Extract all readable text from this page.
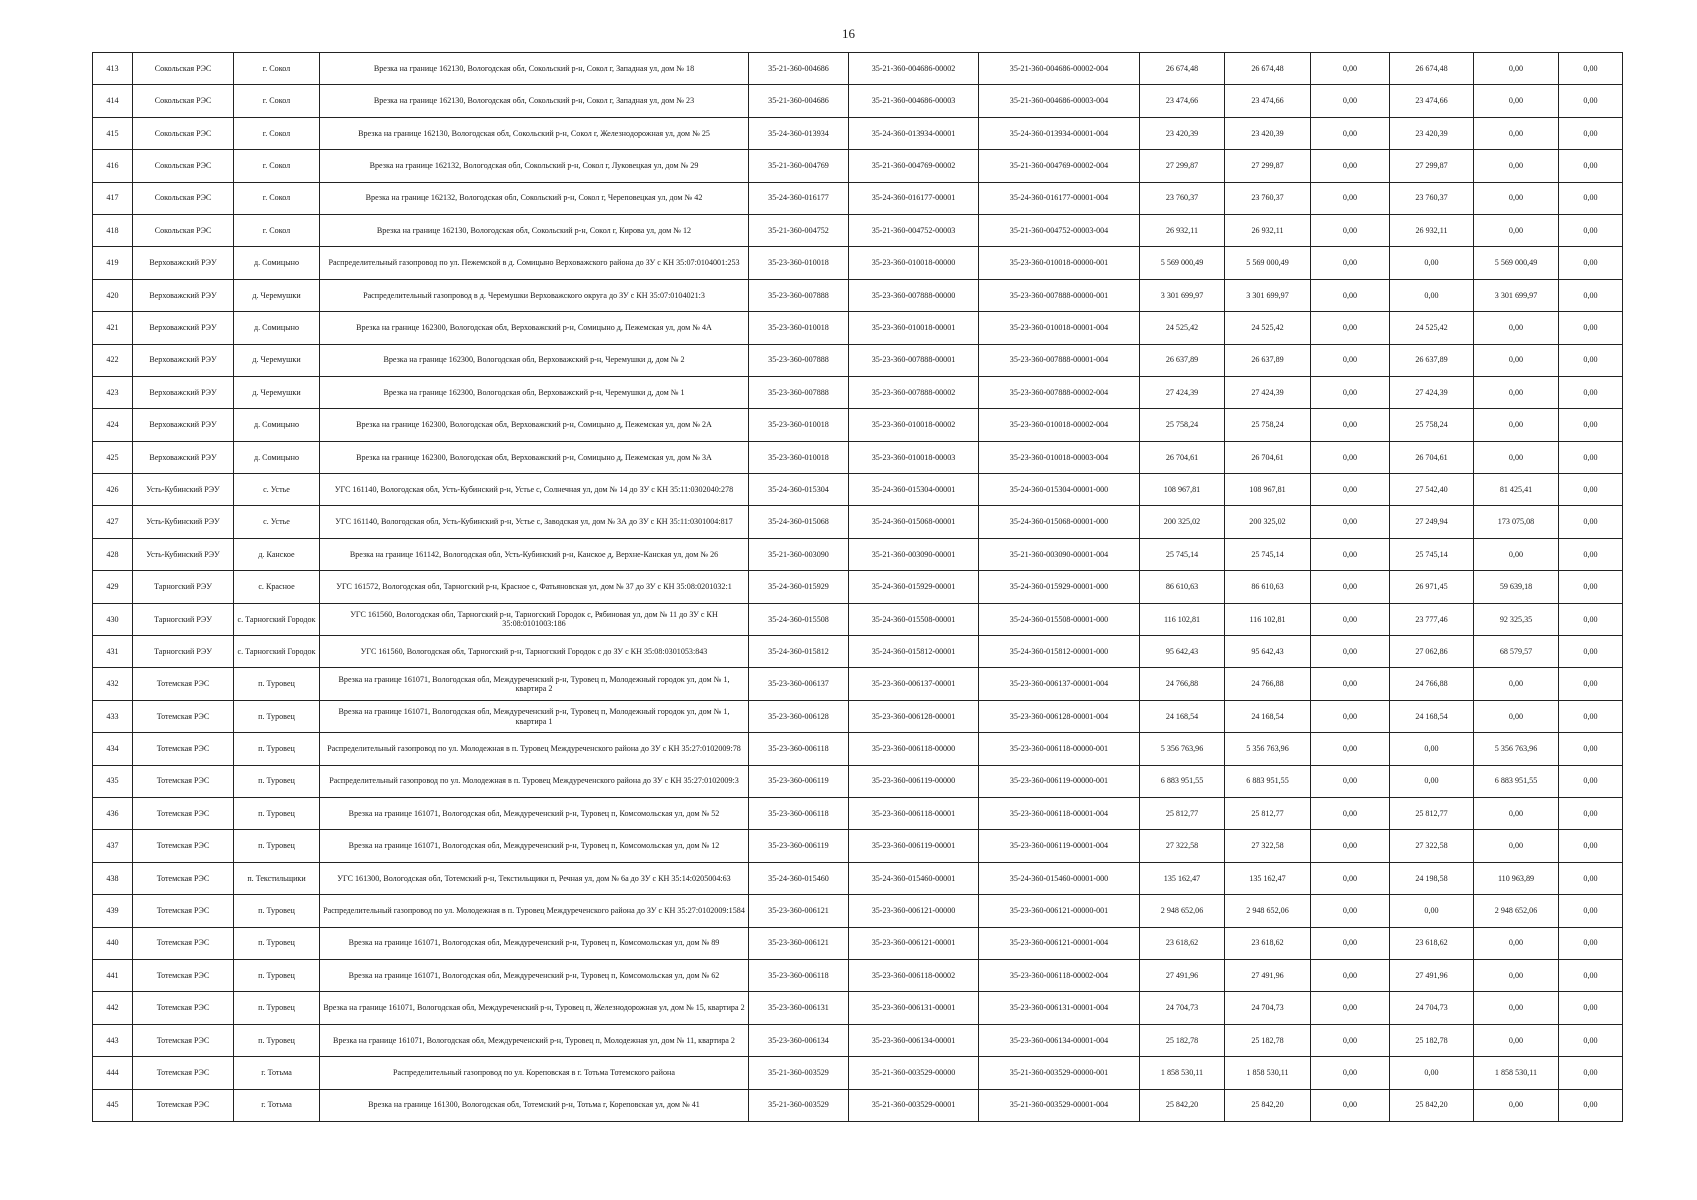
16
413	Сокольская РЭС	г. Сокол	Врезка на границе 162130, Вологодская обл, Сокольский р-н, Сокол г, Западная ул, дом № 18	35-21-360-004686	35-21-360-004686-00002	35-21-360-004686-00002-004	26 674,48	26 674,48	0,00	26 674,48	0,00	0,00
414	Сокольская РЭС	г. Сокол	Врезка на границе 162130, Вологодская обл, Сокольский р-н, Сокол г, Западная ул, дом № 23	35-21-360-004686	35-21-360-004686-00003	35-21-360-004686-00003-004	23 474,66	23 474,66	0,00	23 474,66	0,00	0,00
415	Сокольская РЭС	г. Сокол	Врезка на границе 162130, Вологодская обл, Сокольский р-н, Сокол г, Железнодорожная ул, дом № 25	35-24-360-013934	35-24-360-013934-00001	35-24-360-013934-00001-004	23 420,39	23 420,39	0,00	23 420,39	0,00	0,00
416	Сокольская РЭС	г. Сокол	Врезка на границе 162132, Вологодская обл, Сокольский р-н, Сокол г, Луковецкая ул, дом № 29	35-21-360-004769	35-21-360-004769-00002	35-21-360-004769-00002-004	27 299,87	27 299,87	0,00	27 299,87	0,00	0,00
417	Сокольская РЭС	г. Сокол	Врезка на границе 162132, Вологодская обл, Сокольский р-н, Сокол г, Череповецкая ул, дом № 42	35-24-360-016177	35-24-360-016177-00001	35-24-360-016177-00001-004	23 760,37	23 760,37	0,00	23 760,37	0,00	0,00
418	Сокольская РЭС	г. Сокол	Врезка на границе 162130, Вологодская обл, Сокольский р-н, Сокол г, Кирова ул, дом № 12	35-21-360-004752	35-21-360-004752-00003	35-21-360-004752-00003-004	26 932,11	26 932,11	0,00	26 932,11	0,00	0,00
419	Верховажский РЭУ	д. Сомицыно	Распределительный газопровод по ул. Пежемской в д. Сомицыно Верховажского района до ЗУ с КН 35:07:0104001:253	35-23-360-010018	35-23-360-010018-00000	35-23-360-010018-00000-001	5 569 000,49	5 569 000,49	0,00	0,00	5 569 000,49	0,00
420	Верховажский РЭУ	д. Черемушки	Распределительный газопровод в д. Черемушки Верховажского округа до ЗУ с КН 35:07:0104021:3	35-23-360-007888	35-23-360-007888-00000	35-23-360-007888-00000-001	3 301 699,97	3 301 699,97	0,00	0,00	3 301 699,97	0,00
421	Верховажский РЭУ	д. Сомицыно	Врезка на границе 162300, Вологодская обл, Верховажский р-н, Сомицыно д, Пежемская ул, дом № 4А	35-23-360-010018	35-23-360-010018-00001	35-23-360-010018-00001-004	24 525,42	24 525,42	0,00	24 525,42	0,00	0,00
422	Верховажский РЭУ	д. Черемушки	Врезка на границе 162300, Вологодская обл, Верховажский р-н, Черемушки д, дом № 2	35-23-360-007888	35-23-360-007888-00001	35-23-360-007888-00001-004	26 637,89	26 637,89	0,00	26 637,89	0,00	0,00
423	Верховажский РЭУ	д. Черемушки	Врезка на границе 162300, Вологодская обл, Верховажский р-н, Черемушки д, дом № 1	35-23-360-007888	35-23-360-007888-00002	35-23-360-007888-00002-004	27 424,39	27 424,39	0,00	27 424,39	0,00	0,00
424	Верховажский РЭУ	д. Сомицыно	Врезка на границе 162300, Вологодская обл, Верховажский р-н, Сомицыно д, Пежемская ул, дом № 2А	35-23-360-010018	35-23-360-010018-00002	35-23-360-010018-00002-004	25 758,24	25 758,24	0,00	25 758,24	0,00	0,00
425	Верховажский РЭУ	д. Сомицыно	Врезка на границе 162300, Вологодская обл, Верховажский р-н, Сомицыно д, Пежемская ул, дом № 3А	35-23-360-010018	35-23-360-010018-00003	35-23-360-010018-00003-004	26 704,61	26 704,61	0,00	26 704,61	0,00	0,00
426	Усть-Кубинский РЭУ	с. Устье	УГС 161140, Вологодская обл, Усть-Кубинский р-н, Устье с, Солнечная ул, дом № 14 до ЗУ с КН 35:11:0302040:278	35-24-360-015304	35-24-360-015304-00001	35-24-360-015304-00001-000	108 967,81	108 967,81	0,00	27 542,40	81 425,41	0,00
427	Усть-Кубинский РЭУ	с. Устье	УГС 161140, Вологодская обл, Усть-Кубинский р-н, Устье с, Заводская ул, дом № 3А до ЗУ с КН 35:11:0301004:817	35-24-360-015068	35-24-360-015068-00001	35-24-360-015068-00001-000	200 325,02	200 325,02	0,00	27 249,94	173 075,08	0,00
428	Усть-Кубинский РЭУ	д. Канское	Врезка на границе 161142, Вологодская обл, Усть-Кубинский р-н, Канское д, Верхне-Канская ул, дом № 26	35-21-360-003090	35-21-360-003090-00001	35-21-360-003090-00001-004	25 745,14	25 745,14	0,00	25 745,14	0,00	0,00
429	Тарногский РЭУ	с. Красное	УГС 161572, Вологодская обл, Тарногский р-н, Красное с, Фатьяновская ул, дом № 37 до ЗУ с КН 35:08:0201032:1	35-24-360-015929	35-24-360-015929-00001	35-24-360-015929-00001-000	86 610,63	86 610,63	0,00	26 971,45	59 639,18	0,00
430	Тарногский РЭУ	с. Тарногский Городок	УГС 161560, Вологодская обл, Тарногский р-н, Тарногский Городок с, Рябиновая ул, дом № 11 до ЗУ с КН 35:08:0101003:186	35-24-360-015508	35-24-360-015508-00001	35-24-360-015508-00001-000	116 102,81	116 102,81	0,00	23 777,46	92 325,35	0,00
431	Тарногский РЭУ	с. Тарногский Городок	УГС 161560, Вологодская обл, Тарногский р-н, Тарногский Городок с до ЗУ с КН 35:08:0301053:843	35-24-360-015812	35-24-360-015812-00001	35-24-360-015812-00001-000	95 642,43	95 642,43	0,00	27 062,86	68 579,57	0,00
432	Тотемская РЭС	п. Туровец	Врезка на границе 161071, Вологодская обл, Междуреченский р-н, Туровец п, Молодежный городок ул, дом № 1, квартира 2	35-23-360-006137	35-23-360-006137-00001	35-23-360-006137-00001-004	24 766,88	24 766,88	0,00	24 766,88	0,00	0,00
433	Тотемская РЭС	п. Туровец	Врезка на границе 161071, Вологодская обл, Междуреченский р-н, Туровец п, Молодежный городок ул, дом № 1, квартира 1	35-23-360-006128	35-23-360-006128-00001	35-23-360-006128-00001-004	24 168,54	24 168,54	0,00	24 168,54	0,00	0,00
434	Тотемская РЭС	п. Туровец	Распределительный газопровод по ул. Молодежная в п. Туровец Междуреченского района до ЗУ с КН 35:27:0102009:78	35-23-360-006118	35-23-360-006118-00000	35-23-360-006118-00000-001	5 356 763,96	5 356 763,96	0,00	0,00	5 356 763,96	0,00
435	Тотемская РЭС	п. Туровец	Распределительный газопровод по ул. Молодежная в п. Туровец Междуреченского района до ЗУ с КН 35:27:0102009:3	35-23-360-006119	35-23-360-006119-00000	35-23-360-006119-00000-001	6 883 951,55	6 883 951,55	0,00	0,00	6 883 951,55	0,00
436	Тотемская РЭС	п. Туровец	Врезка на границе 161071, Вологодская обл, Междуреченский р-н, Туровец п, Комсомольская ул, дом № 52	35-23-360-006118	35-23-360-006118-00001	35-23-360-006118-00001-004	25 812,77	25 812,77	0,00	25 812,77	0,00	0,00
437	Тотемская РЭС	п. Туровец	Врезка на границе 161071, Вологодская обл, Междуреченский р-н, Туровец п, Комсомольская ул, дом № 12	35-23-360-006119	35-23-360-006119-00001	35-23-360-006119-00001-004	27 322,58	27 322,58	0,00	27 322,58	0,00	0,00
438	Тотемская РЭС	п. Текстильщики	УГС 161300, Вологодская обл, Тотемский р-н, Текстильщики п, Речная ул, дом № 6а до ЗУ с КН 35:14:0205004:63	35-24-360-015460	35-24-360-015460-00001	35-24-360-015460-00001-000	135 162,47	135 162,47	0,00	24 198,58	110 963,89	0,00
439	Тотемская РЭС	п. Туровец	Распределительный газопровод по ул. Молодежная в п. Туровец Междуреченского района до ЗУ с КН 35:27:0102009:1584	35-23-360-006121	35-23-360-006121-00000	35-23-360-006121-00000-001	2 948 652,06	2 948 652,06	0,00	0,00	2 948 652,06	0,00
440	Тотемская РЭС	п. Туровец	Врезка на границе 161071, Вологодская обл, Междуреченский р-н, Туровец п, Комсомольская ул, дом № 89	35-23-360-006121	35-23-360-006121-00001	35-23-360-006121-00001-004	23 618,62	23 618,62	0,00	23 618,62	0,00	0,00
441	Тотемская РЭС	п. Туровец	Врезка на границе 161071, Вологодская обл, Междуреченский р-н, Туровец п, Комсомольская ул, дом № 62	35-23-360-006118	35-23-360-006118-00002	35-23-360-006118-00002-004	27 491,96	27 491,96	0,00	27 491,96	0,00	0,00
442	Тотемская РЭС	п. Туровец	Врезка на границе 161071, Вологодская обл, Междуреченский р-н, Туровец п, Железнодорожная ул, дом № 15, квартира 2	35-23-360-006131	35-23-360-006131-00001	35-23-360-006131-00001-004	24 704,73	24 704,73	0,00	24 704,73	0,00	0,00
443	Тотемская РЭС	п. Туровец	Врезка на границе 161071, Вологодская обл, Междуреченский р-н, Туровец п, Молодежная ул, дом № 11, квартира 2	35-23-360-006134	35-23-360-006134-00001	35-23-360-006134-00001-004	25 182,78	25 182,78	0,00	25 182,78	0,00	0,00
444	Тотемская РЭС	г. Тотьма	Распределительный газопровод по ул. Кореповская в г. Тотьма Тотемского района	35-21-360-003529	35-21-360-003529-00000	35-21-360-003529-00000-001	1 858 530,11	1 858 530,11	0,00	0,00	1 858 530,11	0,00
445	Тотемская РЭС	г. Тотьма	Врезка на границе 161300, Вологодская обл, Тотемский р-н, Тотьма г, Кореповская ул, дом № 41	35-21-360-003529	35-21-360-003529-00001	35-21-360-003529-00001-004	25 842,20	25 842,20	0,00	25 842,20	0,00	0,00
